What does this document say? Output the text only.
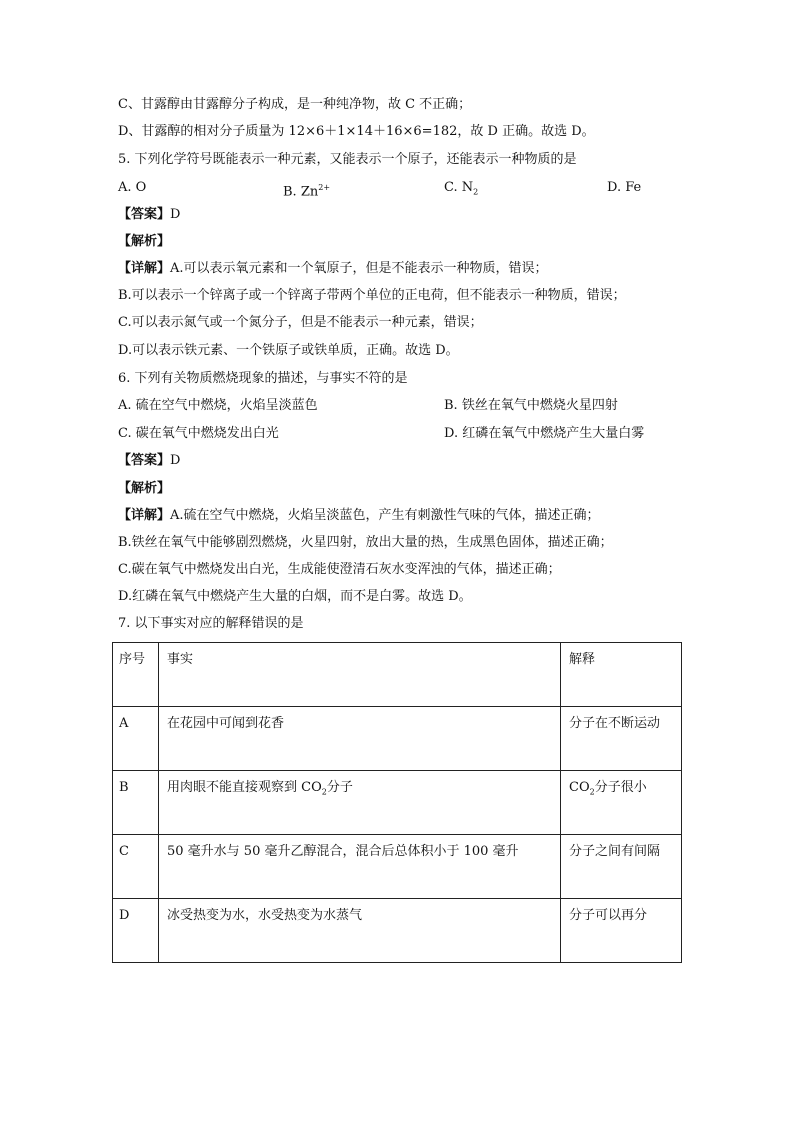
C、甘露醇由甘露醇分子构成，是一种纯净物，故 C 不正确；
D、甘露醇的相对分子质量为 12×6＋1×14＋16×6=182，故 D 正确。故选 D。
5. 下列化学符号既能表示一种元素，又能表示一个原子，还能表示一种物质的是
A. O	B. $Zn^{2+}$	C. $N_2$	D. Fe
【答案】D
【解析】
【详解】A.可以表示氧元素和一个氧原子，但是不能表示一种物质，错误；
B.可以表示一个锌离子或一个锌离子带两个单位的正电荷，但不能表示一种物质，错误；
C.可以表示氮气或一个氮分子，但是不能表示一种元素，错误；
D.可以表示铁元素、一个铁原子或铁单质，正确。故选 D。
6. 下列有关物质燃烧现象的描述，与事实不符的是
A. 硫在空气中燃烧，火焰呈淡蓝色	B. 铁丝在氧气中燃烧火星四射
C. 碳在氧气中燃烧发出白光	D. 红磷在氧气中燃烧产生大量白雾
【答案】D
【解析】
【详解】A.硫在空气中燃烧，火焰呈淡蓝色，产生有刺激性气味的气体，描述正确；
B.铁丝在氧气中能够剧烈燃烧，火星四射，放出大量的热，生成黑色固体，描述正确；
C.碳在氧气中燃烧发出白光，生成能使澄清石灰水变浑浊的气体，描述正确；
D.红磷在氧气中燃烧产生大量的白烟，而不是白雾。故选 D。
7. 以下事实对应的解释错误的是
序号	事实	解释
A	在花园中可闻到花香	分子在不断运动
B	用肉眼不能直接观察到 $CO_2$分子	$CO_2$分子很小
C	50 毫升水与 50 毫升乙醇混合，混合后总体积小于 100 毫升	分子之间有间隔
D	冰受热变为水，水受热变为水蒸气	分子可以再分
